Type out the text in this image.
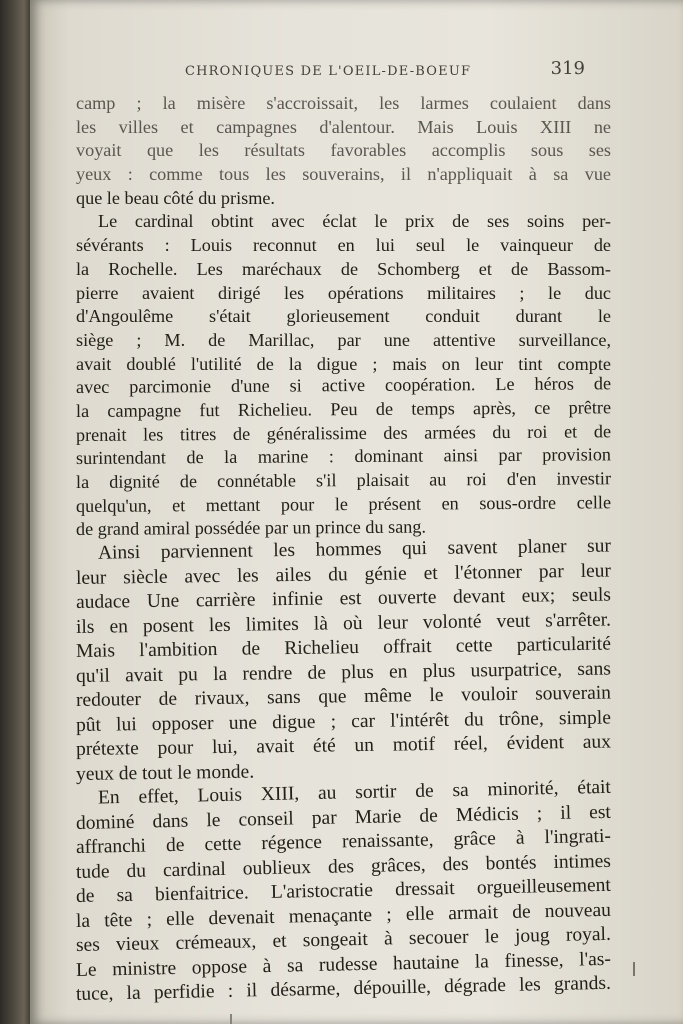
CHRONIQUES DE L'OEIL-DE-BOEUF	319
camp ; la misère s'accroissait, les larmes coulaient dans
les villes et campagnes d'alentour. Mais Louis XIII ne
voyait que les résultats favorables accomplis sous ses
yeux : comme tous les souverains, il n'appliquait à sa vue
que le beau côté du prisme.
Le cardinal obtint avec éclat le prix de ses soins per-
sévérants : Louis reconnut en lui seul le vainqueur de
la Rochelle. Les maréchaux de Schomberg et de Bassom-
pierre avaient dirigé les opérations militaires ; le duc
d'Angoulême s'était glorieusement conduit durant le
siège ; M. de Marillac, par une attentive surveillance,
avait doublé l'utilité de la digue ; mais on leur tint compte
avec parcimonie d'une si active coopération. Le héros de
la campagne fut Richelieu. Peu de temps après, ce prêtre
prenait les titres de généralissime des armées du roi et de
surintendant de la marine : dominant ainsi par provision
la dignité de connétable s'il plaisait au roi d'en investir
quelqu'un, et mettant pour le présent en sous-ordre celle
de grand amiral possédée par un prince du sang.
Ainsi parviennent les hommes qui savent planer sur
leur siècle avec les ailes du génie et l'étonner par leur
audace Une carrière infinie est ouverte devant eux; seuls
ils en posent les limites là où leur volonté veut s'arrêter.
Mais l'ambition de Richelieu offrait cette particularité
qu'il avait pu la rendre de plus en plus usurpatrice, sans
redouter de rivaux, sans que même le vouloir souverain
pût lui opposer une digue ; car l'intérêt du trône, simple
prétexte pour lui, avait été un motif réel, évident aux
yeux de tout le monde.
En effet, Louis XIII, au sortir de sa minorité, était
dominé dans le conseil par Marie de Médicis ; il est
affranchi de cette régence renaissante, grâce à l'ingrati-
tude du cardinal oublieux des grâces, des bontés intimes
de sa bienfaitrice. L'aristocratie dressait orgueilleusement
la tête ; elle devenait menaçante ; elle armait de nouveau
ses vieux crémeaux, et songeait à secouer le joug royal.
Le ministre oppose à sa rudesse hautaine la finesse, l'as-
tuce, la perfidie : il désarme, dépouille, dégrade les grands.
